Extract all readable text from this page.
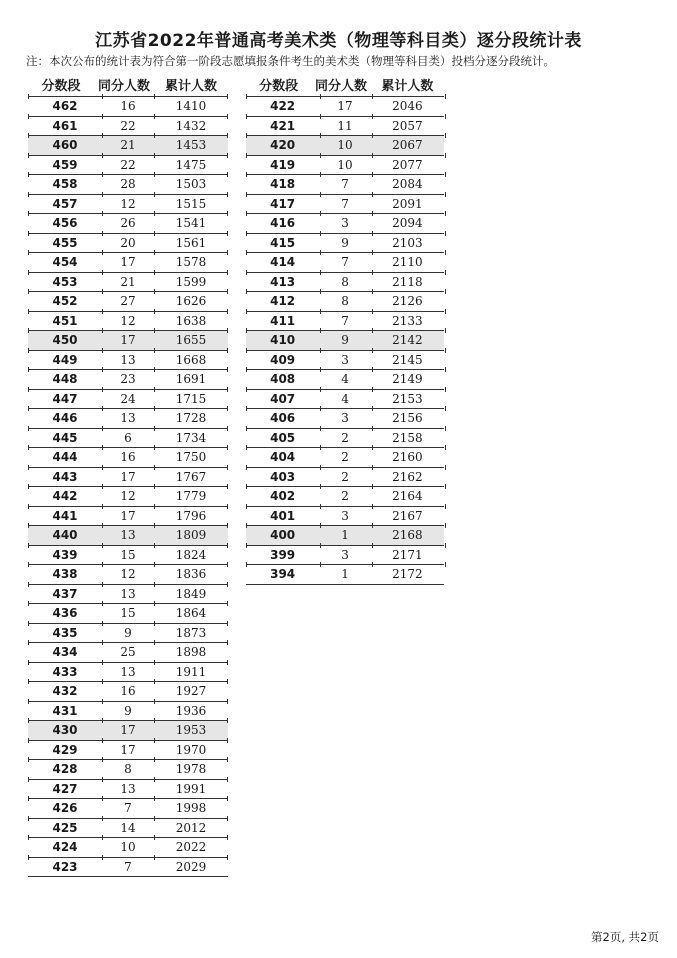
江苏省2022年普通高考美术类（物理等科目类）逐分段统计表
注：本次公布的统计表为符合第一阶段志愿填报条件考生的美术类（物理等科目类）投档分逐分段统计。
分数段	同分人数	累计人数
462	16	1410
461	22	1432
460	21	1453
459	22	1475
458	28	1503
457	12	1515
456	26	1541
455	20	1561
454	17	1578
453	21	1599
452	27	1626
451	12	1638
450	17	1655
449	13	1668
448	23	1691
447	24	1715
446	13	1728
445	6	1734
444	16	1750
443	17	1767
442	12	1779
441	17	1796
440	13	1809
439	15	1824
438	12	1836
437	13	1849
436	15	1864
435	9	1873
434	25	1898
433	13	1911
432	16	1927
431	9	1936
430	17	1953
429	17	1970
428	8	1978
427	13	1991
426	7	1998
425	14	2012
424	10	2022
423	7	2029
分数段	同分人数	累计人数
422	17	2046
421	11	2057
420	10	2067
419	10	2077
418	7	2084
417	7	2091
416	3	2094
415	9	2103
414	7	2110
413	8	2118
412	8	2126
411	7	2133
410	9	2142
409	3	2145
408	4	2149
407	4	2153
406	3	2156
405	2	2158
404	2	2160
403	2	2162
402	2	2164
401	3	2167
400	1	2168
399	3	2171
394	1	2172
第2页, 共2页
